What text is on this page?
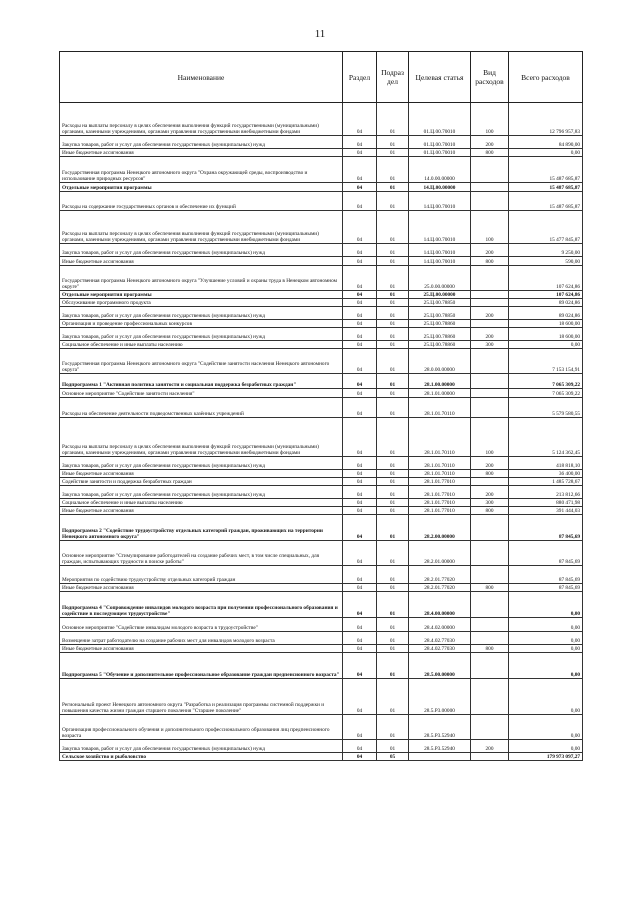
11
Наименование	Раздел	Подраз дел	Целевая статья	Вид расходов	Всего расходов
Расходы на выплаты персоналу в целях обеспечения выполнения функций государственными (муниципальными) органами, казенными учреждениями, органами управления государственными внебюджетными фондами	04	01	01.Ц.00.70010	100	12 796 957,83
Закупка товаров, работ и услуг для обеспечения государственных (муниципальных) нужд	04	01	01.Ц.00.70010	200	84 890,00
Иные бюджетные ассигнования	04	01	01.Ц.00.70010	800	0,00
Государственная программа Ненецкого автономного округа "Охрана окружающей среды, воспроизводство и использование природных ресурсов"	04	01	14.0.00.00000		15 487 685,87
Отдельные мероприятия программы	04	01	14.Ц.00.00000		15 487 685,87
Расходы на содержание государственных органов и обеспечение их функций	04	01	14.Ц.00.70010		15 487 685,87
Расходы на выплаты персоналу в целях обеспечения выполнения функций государственными (муниципальными) органами, казенными учреждениями, органами управления государственными внебюджетными фондами	04	01	14.Ц.00.70010	100	15 477 845,87
Закупка товаров, работ и услуг для обеспечения государственных (муниципальных) нужд	04	01	14.Ц.00.70010	200	9 250,00
Иные бюджетные ассигнования	04	01	14.Ц.00.70010	800	590,00
Государственная программа Ненецкого автономного округа "Улучшение условий и охраны труда в Ненецком автономном округе"	04	01	25.0.00.00000		107 624,86
Отдельные мероприятия программы	04	01	25.Ц.00.00000		107 624,86
Обслуживание программного продукта	04	01	25.Ц.00.78850		89 024,86
Закупка товаров, работ и услуг для обеспечения государственных (муниципальных) нужд	04	01	25.Ц.00.78850	200	89 024,86
Организация и проведение профессиональных конкурсов	04	01	25.Ц.00.78860		18 600,00
Закупка товаров, работ и услуг для обеспечения государственных (муниципальных) нужд	04	01	25.Ц.00.78860	200	18 600,00
Социальное обеспечение и иные выплаты населению	04	01	25.Ц.00.78860	300	0,00
Государственная программа Ненецкого автономного округа "Содействие занятости населения Ненецкого автономного округа"	04	01	28.0.00.00000		7 153 154,91
Подпрограмма 1 "Активная политика занятости и социальная поддержка безработных граждан"	04	01	28.1.00.00000		7 065 309,22
Основное мероприятие "Содействие занятости населения"	04	01	28.1.01.00000		7 065 309,22
Расходы на обеспечение деятельности подведомственных казённых учреждений	04	01	28.1.01.70110		5 579 580,55
Расходы на выплаты персоналу в целях обеспечения выполнения функций государственными (муниципальными) органами, казенными учреждениями, органами управления государственными внебюджетными фондами	04	01	28.1.01.70110	100	5 124 362,45
Закупка товаров, работ и услуг для обеспечения государственных (муниципальных) нужд	04	01	28.1.01.70110	200	418 818,10
Иные бюджетные ассигнования	04	01	28.1.01.70110	800	36 400,00
Содействие занятости и поддержка безработных граждан	04	01	28.1.01.77010		1 485 728,67
Закупка товаров, работ и услуг для обеспечения государственных (муниципальных) нужд	04	01	28.1.01.77010	200	213 812,66
Социальное обеспечение и иные выплаты населению	04	01	28.1.01.77010	300	880 471,98
Иные бюджетные ассигнования	04	01	28.1.01.77010	800	391 444,03
Подпрограмма 2 "Содействие трудоустройству отдельных категорий граждан, проживающих на территории Ненецкого автономного округа"	04	01	28.2.00.00000		87 845,69
Основное мероприятие "Стимулирование работодателей на создание рабочих мест, в том числе специальных, для граждан, испытывающих трудности в поиске работы"	04	01	28.2.01.00000		87 845,69
Мероприятия по содействию трудоустройству отдельных категорий граждан	04	01	28.2.01.77020		87 845,69
Иные бюджетные ассигнования	04	01	28.2.01.77020	800	87 845,69
Подпрограмма 4 "Сопровождение инвалидов молодого возраста при получении профессионального образования и содействие в последующем трудоустройстве"	04	01	28.4.00.00000		0,00
Основное мероприятие "Содействие инвалидам молодого возраста в трудоустройстве"	04	01	28.4.02.00000		0,00
Возмещение затрат работодателю на создание рабочих мест для инвалидов молодого возраста	04	01	28.4.02.77030		0,00
Иные бюджетные ассигнования	04	01	28.4.02.77030	800	0,00
Подпрограмма 5 "Обучение и дополнительное профессиональное образование граждан предпенсионного возраста"	04	01	28.5.00.00000		0,00
Региональный проект Ненецкого автономного округа "Разработка и реализация программы системной поддержки и повышения качества жизни граждан старшего поколения "Старшее поколение"	04	01	28.5.P3.00000		0,00
Организация профессионального обучения и дополнительного профессионального образования лиц предпенсионного возраста	04	01	28.5.P3.52940		0,00
Закупка товаров, работ и услуг для обеспечения государственных (муниципальных) нужд	04	01	28.5.P3.52940	200	0,00
Сельское хозяйство и рыболовство	04	05			179 973 097,27
